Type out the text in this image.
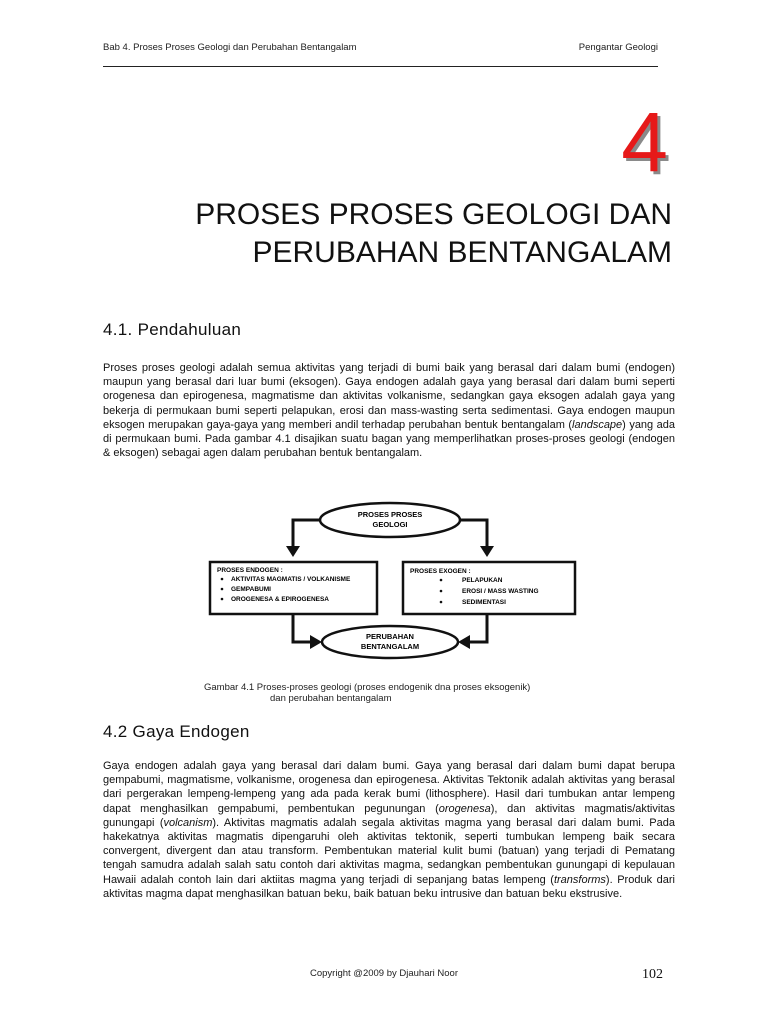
Bab 4. Proses Proses Geologi dan Perubahan Bentangalam	Pengantar Geologi
4
PROSES PROSES GEOLOGI DAN
PERUBAHAN BENTANGALAM
4.1. Pendahuluan

Proses proses geologi adalah semua aktivitas yang terjadi di bumi baik yang berasal dari dalam bumi (endogen) maupun yang berasal dari luar bumi (eksogen). Gaya endogen adalah gaya yang berasal dari dalam bumi seperti orogenesa dan epirogenesa, magmatisme dan aktivitas volkanisme, sedangkan gaya eksogen adalah gaya yang bekerja di permukaan bumi seperti pelapukan, erosi dan mass-wasting serta sedimentasi. Gaya endogen maupun eksogen merupakan gaya-gaya yang memberi andil terhadap perubahan bentuk bentangalam (landscape) yang ada di permukaan bumi. Pada gambar 4.1 disajikan suatu bagan yang memperlihatkan proses-proses geologi (endogen & eksogen) sebagai agen dalam perubahan bentuk bentangalam.

PROSES PROSES
GEOLOGI
PROSES ENDOGEN :
AKTIVITAS MAGMATIS / VOLKANISME
GEMPABUMI
OROGENESA & EPIROGENESA
PROSES EXOGEN :
PELAPUKAN
EROSI / MASS WASTING
SEDIMENTASI
PERUBAHAN
BENTANGALAM
Gambar 4.1 Proses-proses geologi (proses endogenik dna proses eksogenik)
dan perubahan bentangalam
4.2 Gaya Endogen

Gaya endogen adalah gaya yang berasal dari dalam bumi. Gaya yang berasal dari dalam bumi dapat berupa gempabumi, magmatisme, volkanisme, orogenesa dan epirogenesa. Aktivitas Tektonik adalah aktivitas yang berasal dari pergerakan lempeng-lempeng yang ada pada kerak bumi (lithosphere). Hasil dari tumbukan antar lempeng dapat menghasilkan gempabumi, pembentukan pegunungan (orogenesa), dan aktivitas magmatis/aktivitas gunungapi (volcanism). Aktivitas magmatis adalah segala aktivitas magma yang berasal dari dalam bumi. Pada hakekatnya aktivitas magmatis dipengaruhi oleh aktivitas tektonik, seperti tumbukan lempeng baik secara convergent, divergent dan atau transform. Pembentukan material kulit bumi (batuan) yang terjadi di Pematang tengah samudra adalah salah satu contoh dari aktivitas magma, sedangkan pembentukan gunungapi di kepulauan Hawaii adalah contoh lain dari aktiitas magma yang terjadi di sepanjang batas lempeng (transforms). Produk dari aktivitas magma dapat menghasilkan batuan beku, baik batuan beku intrusive dan batuan beku ekstrusive.

Copyright @2009 by Djauhari Noor	102
